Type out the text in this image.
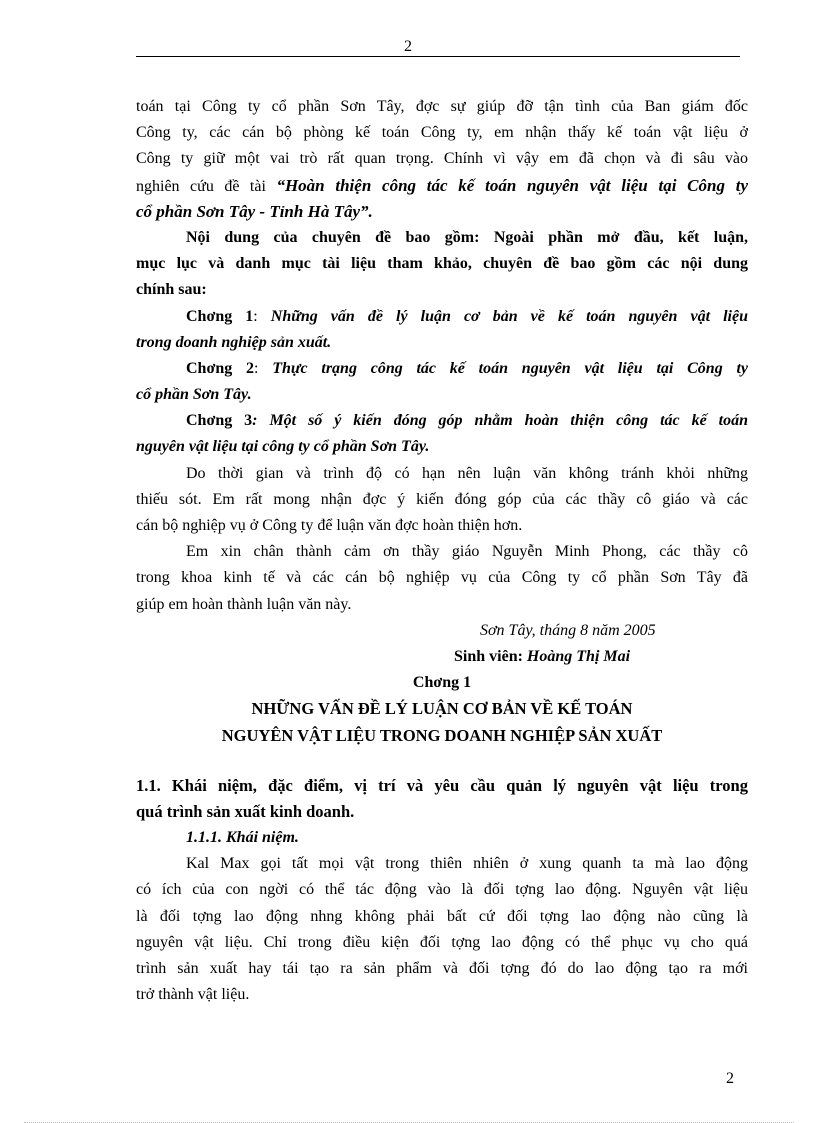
2

toán tại Công ty cổ phần Sơn Tây, đợc sự giúp đỡ tận tình của Ban giám đốc
Công ty, các cán bộ phòng kế toán Công ty, em nhận thấy kế toán vật liệu ở
Công ty giữ một vai trò rất quan trọng. Chính vì vậy em đã chọn và đi sâu vào
nghiên cứu đề tài “Hoàn thiện công tác kế toán nguyên vật liệu tại Công ty
cổ phần Sơn Tây - Tỉnh Hà Tây”.

Nội dung của chuyên đề bao gồm: Ngoài phần mở đầu, kết luận,
mục lục và danh mục tài liệu tham khảo, chuyên đề bao gồm các nội dung
chính sau:

Chơng 1: Những vấn đề lý luận cơ bản về kế toán nguyên vật liệu
trong doanh nghiệp sản xuất.
Chơng 2: Thực trạng công tác kế toán nguyên vật liệu tại Công ty
cổ phần Sơn Tây.
Chơng 3: Một số ý kiến đóng góp nhằm hoàn thiện công tác kế toán
nguyên vật liệu tại công ty cổ phần Sơn Tây.

Do thời gian và trình độ có hạn nên luận văn không tránh khỏi những
thiếu sót. Em rất mong nhận đợc ý kiến đóng góp của các thầy cô giáo và các
cán bộ nghiệp vụ ở Công ty để luận văn đợc hoàn thiện hơn.

Em xin chân thành cảm ơn thầy giáo Nguyễn Minh Phong, các thầy cô
trong khoa kinh tế và các cán bộ nghiệp vụ của Công ty cổ phần Sơn Tây đã
giúp em hoàn thành luận văn này.

Sơn Tây, tháng 8 năm 2005
Sinh viên: Hoàng Thị Mai
Chơng 1
NHỮNG VẤN ĐỀ LÝ LUẬN CƠ BẢN VỀ KẾ TOÁN
NGUYÊN VẬT LIỆU TRONG DOANH NGHIỆP SẢN XUẤT
1.1. Khái niệm, đặc điểm, vị trí và yêu cầu quản lý nguyên vật liệu trong
quá trình sản xuất kinh doanh.
1.1.1. Khái niệm.

Kal Max gọi tất mọi vật trong thiên nhiên ở xung quanh ta mà lao động
có ích của con ngời có thể tác động vào là đối tợng lao động. Nguyên vật liệu
là đối tợng lao động nhng không phải bất cứ đối tợng lao động nào cũng là
nguyên vật liệu. Chỉ trong điều kiện đối tợng lao động có thể phục vụ cho quá
trình sản xuất hay tái tạo ra sản phẩm và đối tợng đó do lao động tạo ra mới
trở thành vật liệu.

2
